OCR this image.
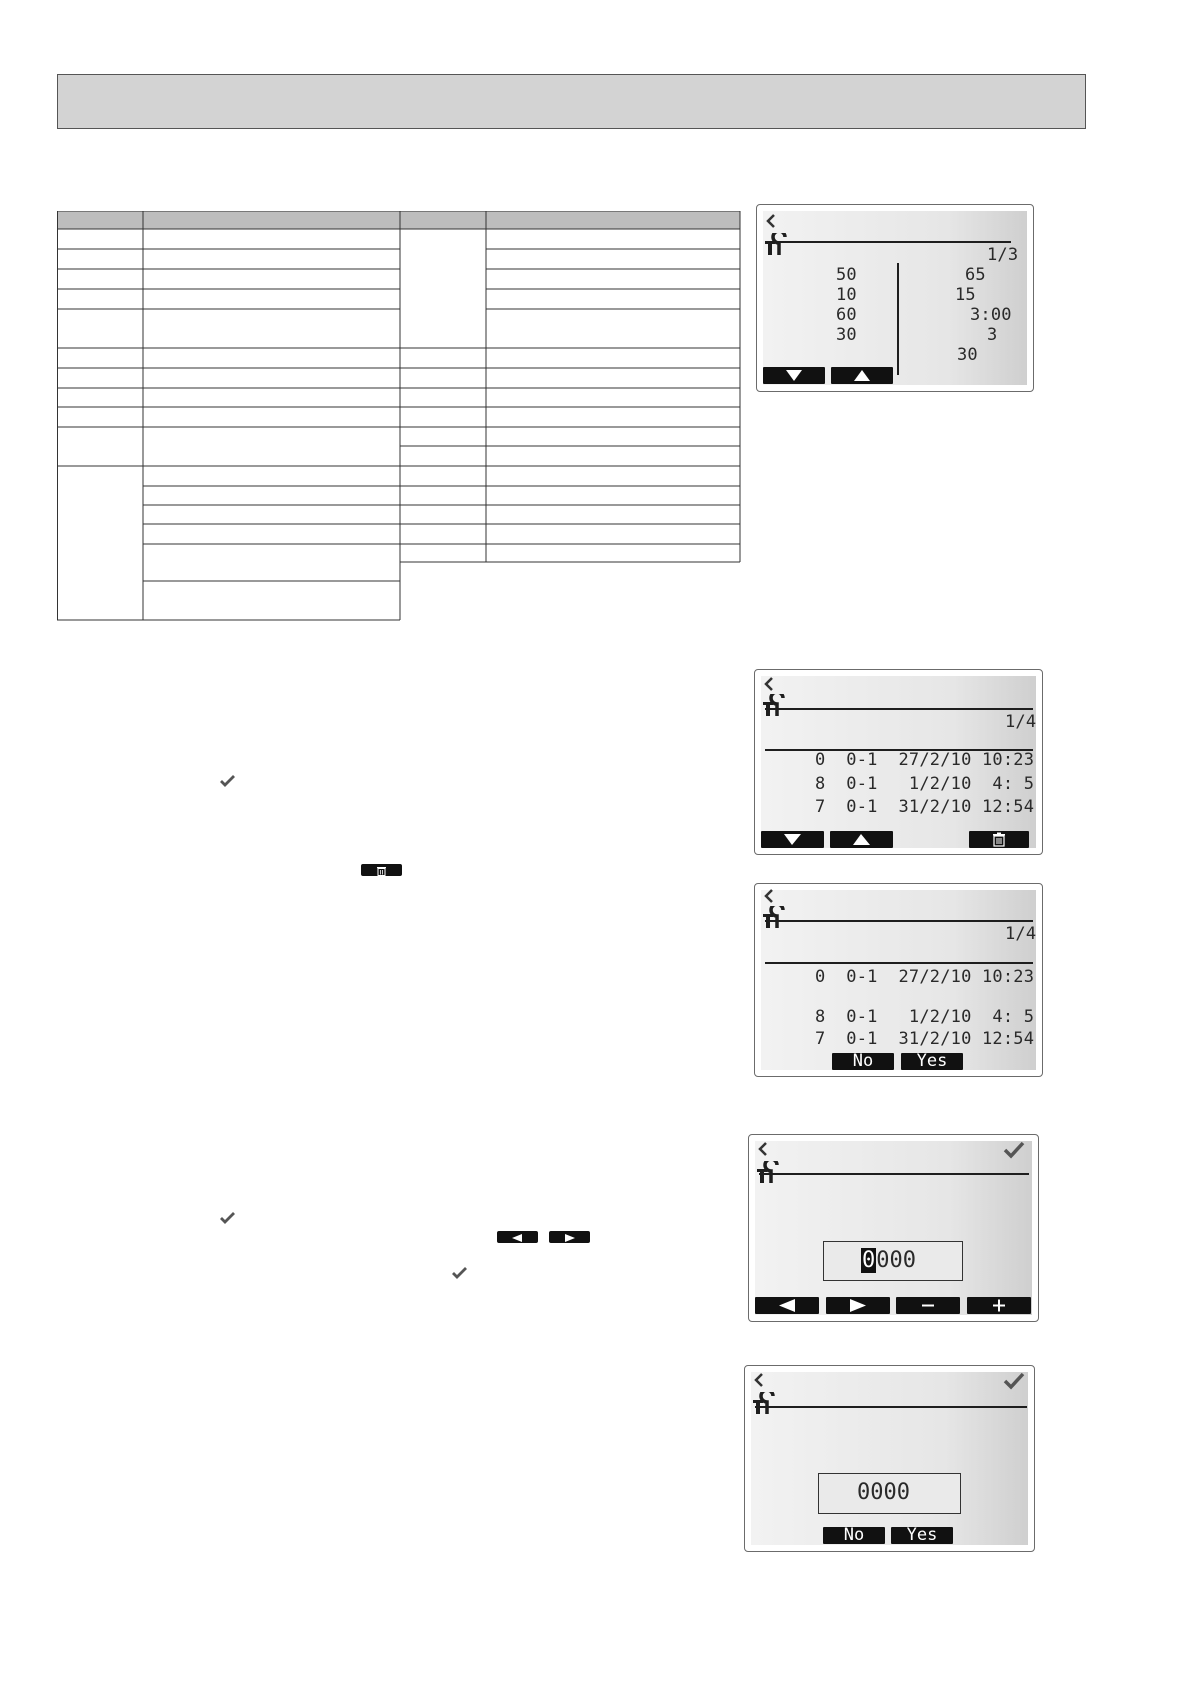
1/3
50
10
60
30
65
15
3:00
3
30
1/4
0  0-1  27/2/10 10:23
8  0-1   1/2/10  4: 5
7  0-1  31/2/10 12:54
1/4
0  0-1  27/2/10 10:23
8  0-1   1/2/10  4: 5
7  0-1  31/2/10 12:54
No	Yes
0000
0000
No	Yes
